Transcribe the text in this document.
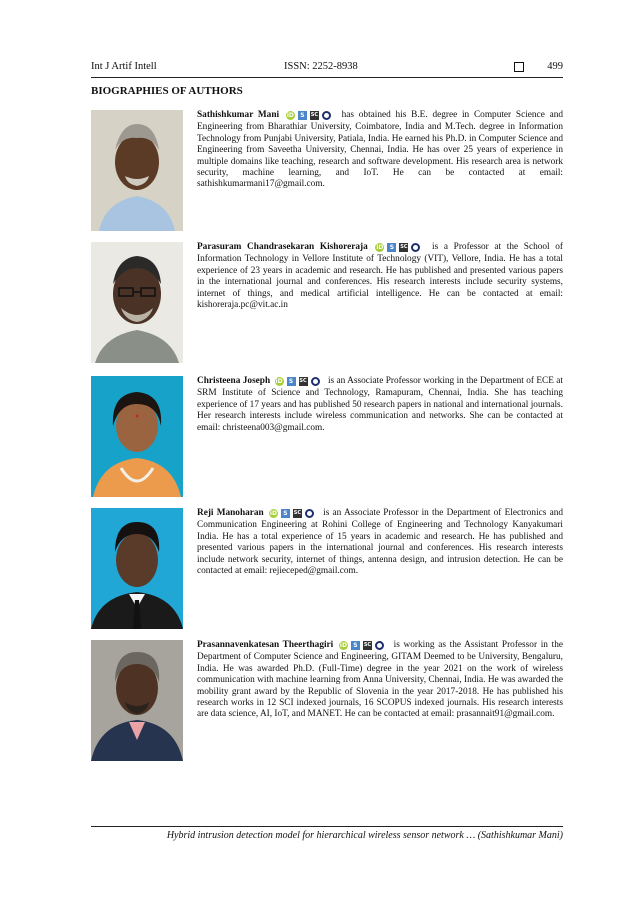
Int J Artif Intell	ISSN: 2252-8938	499
BIOGRAPHIES OF AUTHORS
Sathishkumar Mani iD S SC	has obtained his B.E. degree in Computer Science and Engineering from Bharathiar University, Coimbatore, India and M.Tech. degree in Information Technology from Punjabi University, Patiala, India. He earned his Ph.D. in Computer Science and Engineering from Saveetha University, Chennai, India. He has over 25 years of experience in multiple domains like teaching, research and software development. His research area is network security, machine learning, and IoT. He can be contacted at email: sathishkumarmani17@gmail.com.
Parasuram Chandrasekaran Kishoreraja iD S SC	is a Professor at the School of Information Technology in Vellore Institute of Technology (VIT), Vellore, India. He has a total experience of 23 years in academic and research. He has published and presented various papers in the international journal and conferences. His research interests include security systems, internet of things, and medical artificial intelligence. He can be contacted at email: kishoreraja.pc@vit.ac.in
Christeena Joseph iD S SC is an Associate Professor working in the Department of ECE at SRM Institute of Science and Technology, Ramapuram, Chennai, India. She has teaching experience of 17 years and has published 50 research papers in national and international journals. Her research interests include wireless communication and networks. She can be contacted at email: christeena003@gmail.com.
Reji Manoharan iD S SC is an Associate Professor in the Department of Electronics and Communication Engineering at Rohini College of Engineering and Technology Kanyakumari India. He has a total experience of 15 years in academic and research. He has published and presented various papers in the international journal and conferences. His research interests include network security, internet of things, antenna design, and intrusion detection. He can be contacted at email: rejieceped@gmail.com.
Prasannavenkatesan Theerthagiri iD S SC is working as the Assistant Professor in the Department of Computer Science and Engineering, GITAM Deemed to be University, Bengaluru, India. He was awarded Ph.D. (Full-Time) degree in the year 2021 on the work of wireless communication with machine learning from Anna University, Chennai, India. He was awarded the mobility grant award by the Republic of Slovenia in the year 2017-2018. He has published his research works in 12 SCI indexed journals, 16 SCOPUS indexed journals. His research interests are data science, AI, IoT, and MANET. He can be contacted at email: prasannait91@gmail.com.
Hybrid intrusion detection model for hierarchical wireless sensor network … (Sathishkumar Mani)
